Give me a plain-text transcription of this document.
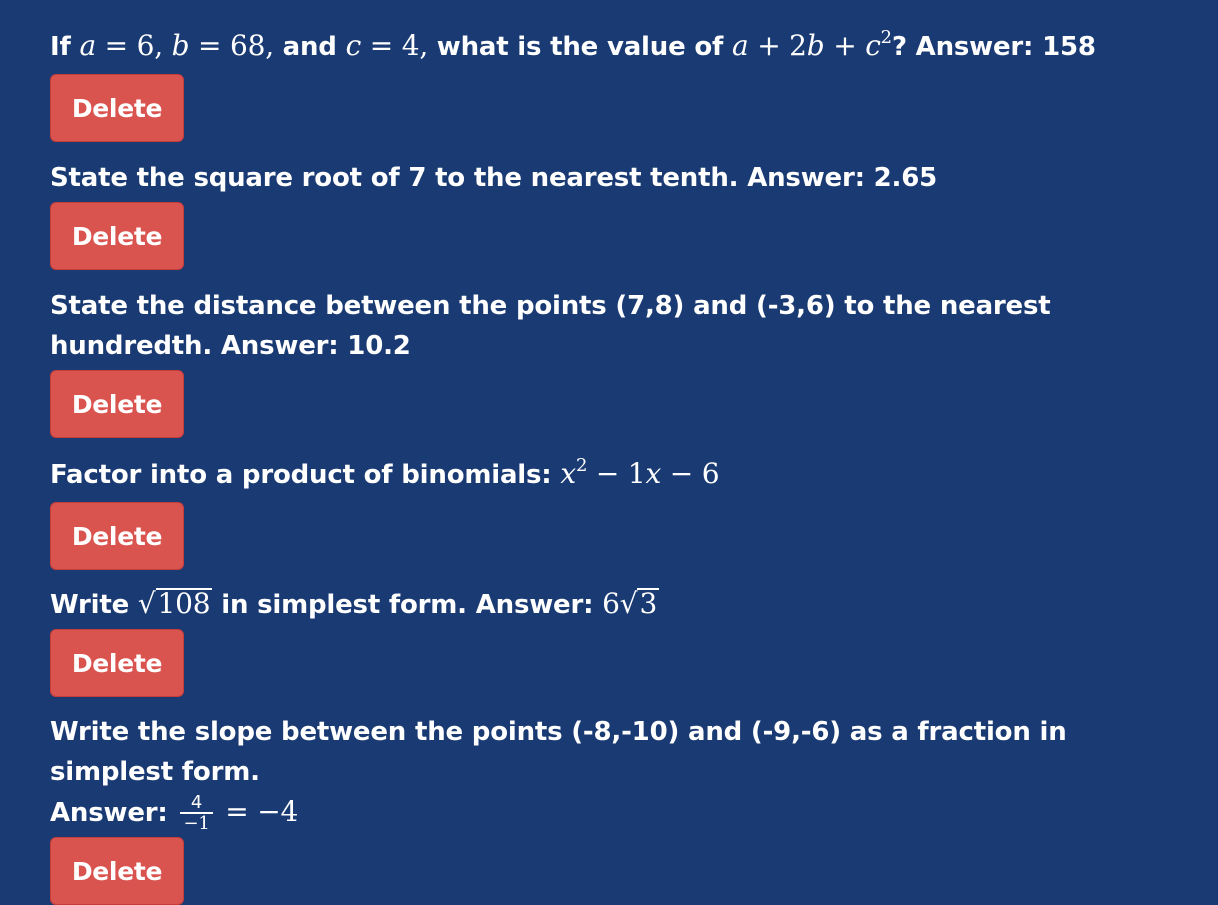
If a = 6, b = 68, and c = 4, what is the value of $a + 2b + c^2$? Answer: 158
Delete
State the square root of 7 to the nearest tenth. Answer: 2.65
Delete
State the distance between the points (7,8) and (-3,6) to the nearest hundredth. Answer: 10.2
Delete
Factor into a product of binomials: $x^2 - 1x - 6$
Delete
Write √108 in simplest form. Answer: 6√3
Delete
Write the slope between the points (-8,-10) and (-9,-6) as a fraction in simplest form.
Answer: $\frac{4}{-1} = -4$
Delete
